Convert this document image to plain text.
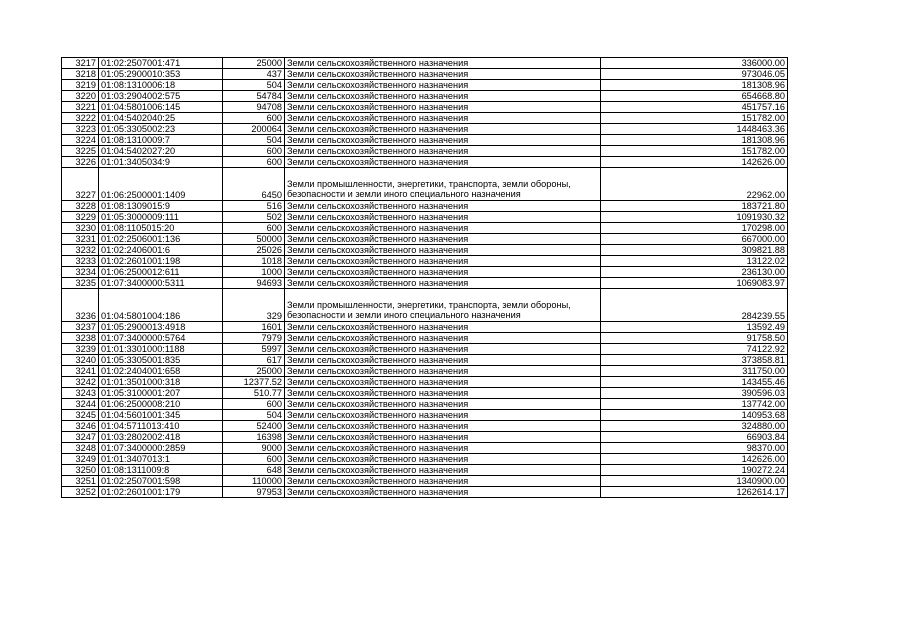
3217	01:02:2507001:471	25000	Земли сельскохозяйственного назначения	336000.00
3218	01:05:2900010:353	437	Земли сельскохозяйственного назначения	973046.05
3219	01:08:1310006:18	504	Земли сельскохозяйственного назначения	181308.96
3220	01:03:2904002:575	54784	Земли сельскохозяйственного назначения	654668.80
3221	01:04:5801006:145	94708	Земли сельскохозяйственного назначения	451757.16
3222	01:04:5402040:25	600	Земли сельскохозяйственного назначения	151782.00
3223	01:05:3305002:23	200064	Земли сельскохозяйственного назначения	1448463.36
3224	01:08:1310009:7	504	Земли сельскохозяйственного назначения	181308.96
3225	01:04:5402027:20	600	Земли сельскохозяйственного назначения	151782.00
3226	01:01:3405034:9	600	Земли сельскохозяйственного назначения	142626.00
3227	01:06:2500001:1409	6450	Земли промышленности, энергетики, транспорта, земли обороны, безопасности и земли иного специального назначения	22962.00
3228	01:08:1309015:9	516	Земли сельскохозяйственного назначения	183721.80
3229	01:05:3000009:111	502	Земли сельскохозяйственного назначения	1091930.32
3230	01:08:1105015:20	600	Земли сельскохозяйственного назначения	170298.00
3231	01:02:2506001:136	50000	Земли сельскохозяйственного назначения	667000.00
3232	01:02:2406001:6	25026	Земли сельскохозяйственного назначения	309821.88
3233	01:02:2601001:198	1018	Земли сельскохозяйственного назначения	13122.02
3234	01:06:2500012:611	1000	Земли сельскохозяйственного назначения	236130.00
3235	01:07:3400000:5311	94693	Земли сельскохозяйственного назначения	1069083.97
3236	01:04:5801004:186	329	Земли промышленности, энергетики, транспорта, земли обороны, безопасности и земли иного специального назначения	284239.55
3237	01:05:2900013:4918	1601	Земли сельскохозяйственного назначения	13592.49
3238	01:07:3400000:5764	7979	Земли сельскохозяйственного назначения	91758.50
3239	01:01:3301000:1188	5997	Земли сельскохозяйственного назначения	74122.92
3240	01:05:3305001:835	617	Земли сельскохозяйственного назначения	373858.81
3241	01:02:2404001:658	25000	Земли сельскохозяйственного назначения	311750.00
3242	01:01:3501000:318	12377.52	Земли сельскохозяйственного назначения	143455.46
3243	01:05:3100001:207	510.77	Земли сельскохозяйственного назначения	390596.03
3244	01:06:2500008:210	600	Земли сельскохозяйственного назначения	137742.00
3245	01:04:5601001:345	504	Земли сельскохозяйственного назначения	140953.68
3246	01:04:5711013:410	52400	Земли сельскохозяйственного назначения	324880.00
3247	01:03:2802002:418	16398	Земли сельскохозяйственного назначения	66903.84
3248	01:07:3400000:2859	9000	Земли сельскохозяйственного назначения	98370.00
3249	01:01:3407013:1	600	Земли сельскохозяйственного назначения	142626.00
3250	01:08:1311009:8	648	Земли сельскохозяйственного назначения	190272.24
3251	01:02:2507001:598	110000	Земли сельскохозяйственного назначения	1340900.00
3252	01:02:2601001:179	97953	Земли сельскохозяйственного назначения	1262614.17
